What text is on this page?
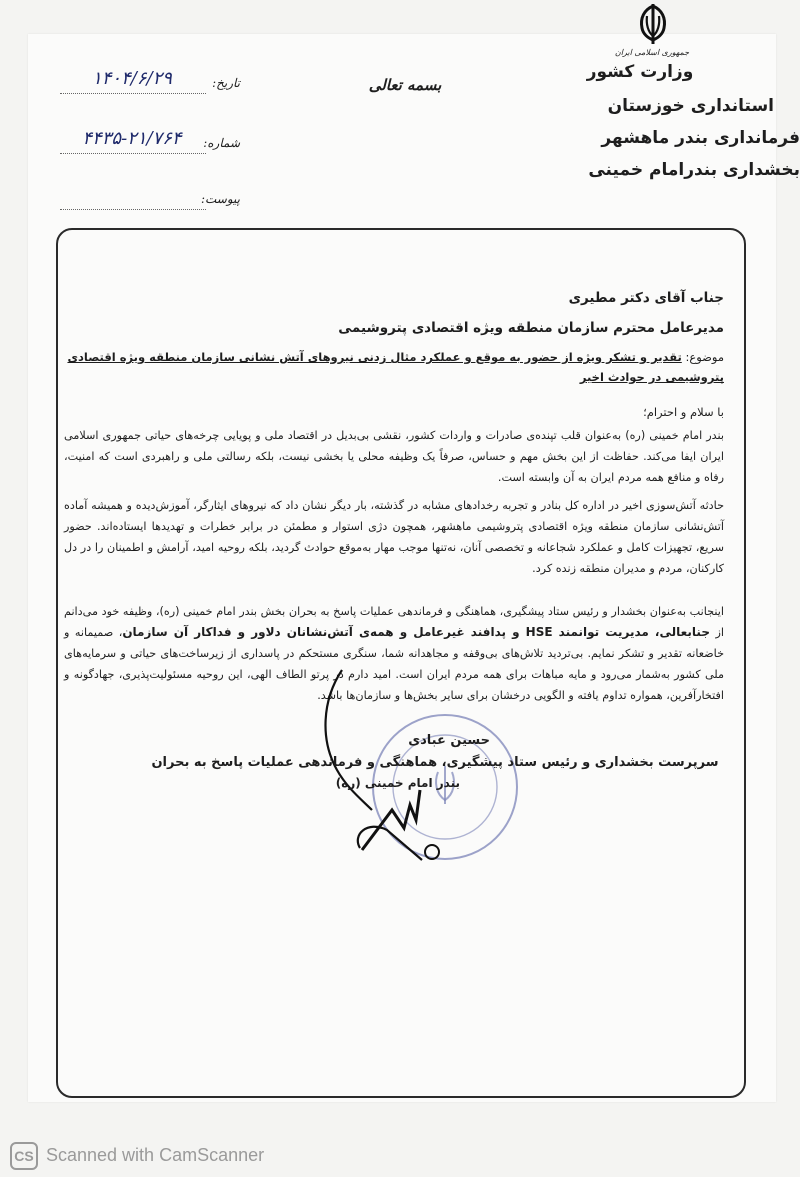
جمهوری اسلامی ایران
وزارت کشور
استانداری خوزستان
فرمانداری بندر ماهشهر
بخشداری بندرامام خمینی
بسمه تعالی
تاریخ:
۱۴۰۴/۶/۲۹
شماره:
۴۴۳۵-۲۱/۷۶۴
پیوست:
جناب آقای دکتر مطیری
مدیرعامل محترم سازمان منطقه ویژه اقتصادی پتروشیمی
موضوع: تقدیر و تشکر ویژه از حضور به موقع و عملکرد مثال زدنی نیروهای آتش نشانی سازمان منطقه ویژه اقتصادی پتروشیمی در حوادث اخیر
با سلام و احترام؛
بندر امام خمینی (ره) به‌عنوان قلب تپنده‌ی صادرات و واردات کشور، نقشی بی‌بدیل در اقتصاد ملی و پویایی چرخه‌های حیاتی جمهوری اسلامی ایران ایفا می‌کند. حفاظت از این بخش مهم و حساس، صرفاً یک وظیفه محلی یا بخشی نیست، بلکه رسالتی ملی و راهبردی است که امنیت، رفاه و منافع همه مردم ایران به آن وابسته است.
حادثه آتش‌سوزی اخیر در اداره کل بنادر و تجربه رخدادهای مشابه در گذشته، بار دیگر نشان داد که نیروهای ایثارگر، آموزش‌دیده و همیشه آماده آتش‌نشانی سازمان منطقه ویژه اقتصادی پتروشیمی ماهشهر، همچون دژی استوار و مطمئن در برابر خطرات و تهدیدها ایستاده‌اند. حضور سریع، تجهیزات کامل و عملکرد شجاعانه و تخصصی آنان، نه‌تنها موجب مهار به‌موقع حوادث گردید، بلکه روحیه امید، آرامش و اطمینان را در دل کارکنان، مردم و مدیران منطقه زنده کرد.
اینجانب به‌عنوان بخشدار و رئیس ستاد پیشگیری، هماهنگی و فرماندهی عملیات پاسخ به بحران بخش بندر امام خمینی (ره)، وظیفه خود می‌دانم از جنابعالی، مدیریت توانمند HSE و پدافند غیرعامل و همه‌ی آتش‌نشانان دلاور و فداکار آن سازمان، صمیمانه و خاضعانه تقدیر و تشکر نمایم. بی‌تردید تلاش‌های بی‌وقفه و مجاهدانه شما، سنگری مستحکم در پاسداری از زیرساخت‌های حیاتی و سرمایه‌های ملی کشور به‌شمار می‌رود و مایه مباهات برای همه مردم ایران است. امید دارم در پرتو الطاف الهی، این روحیه مسئولیت‌پذیری، جهادگونه و افتخارآفرین، همواره تداوم یافته و الگویی درخشان برای سایر بخش‌ها و سازمان‌ها باشد.
حسین عبادی
سرپرست بخشداری و رئیس ستاد پیشگیری، هماهنگی و فرماندهی عملیات پاسخ به بحران
بندر امام خمینی (ره)
CS Scanned with CamScanner
